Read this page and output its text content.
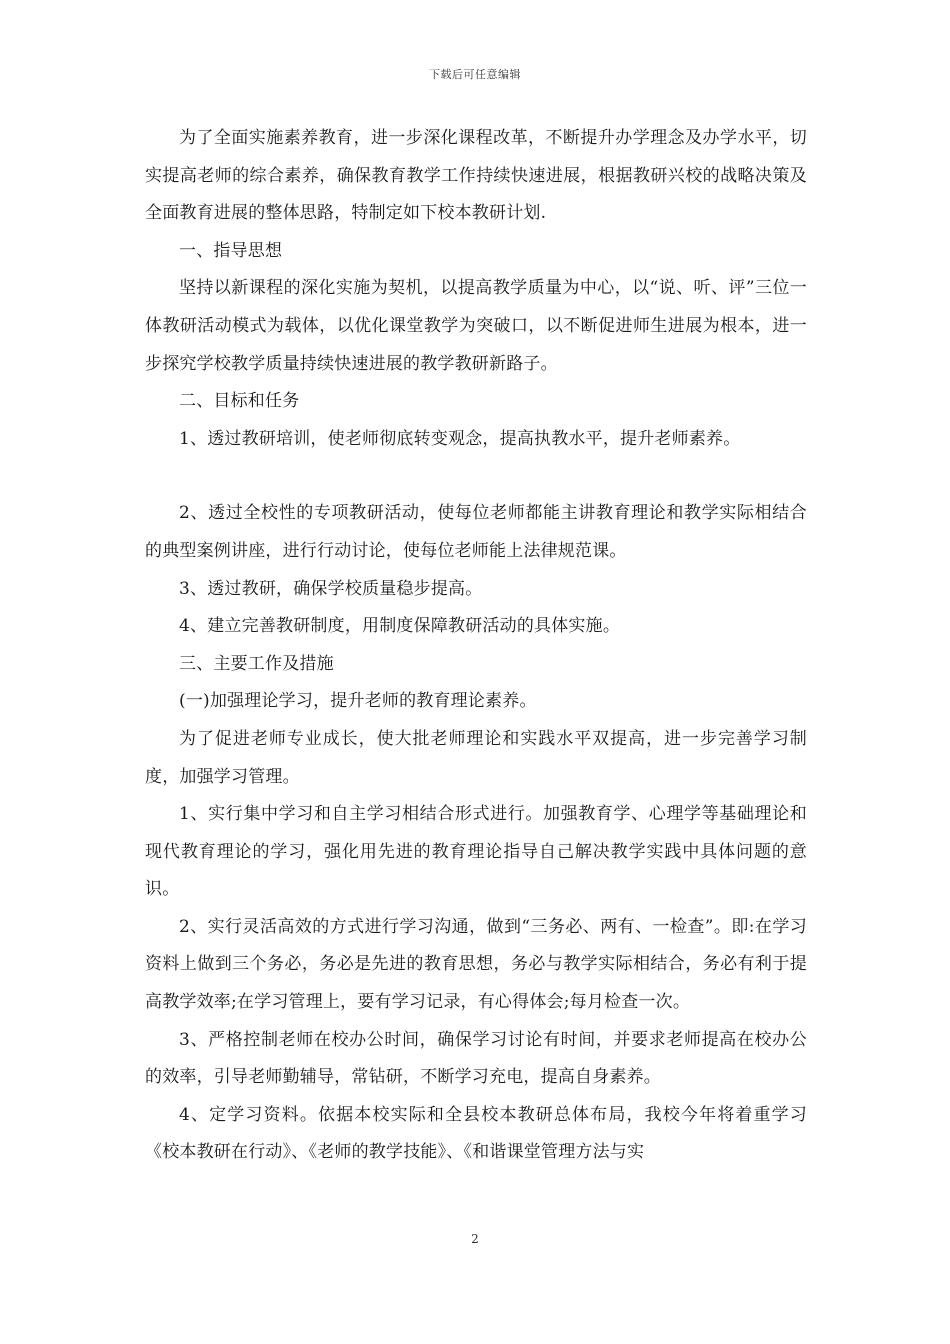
下载后可任意编辑

为了全面实施素养教育，进一步深化课程改革，不断提升办学理念及办学水平，切实提高老师的综合素养，确保教育教学工作持续快速进展，根据教研兴校的战略决策及全面教育进展的整体思路，特制定如下校本教研计划.

一、指导思想

坚持以新课程的深化实施为契机，以提高教学质量为中心，以“说、听、评”三位一体教研活动模式为载体，以优化课堂教学为突破口，以不断促进师生进展为根本，进一步探究学校教学质量持续快速进展的教学教研新路子。

二、目标和任务

1、透过教研培训，使老师彻底转变观念，提高执教水平，提升老师素养。

2、透过全校性的专项教研活动，使每位老师都能主讲教育理论和教学实际相结合的典型案例讲座，进行行动讨论，使每位老师能上法律规范课。

3、透过教研，确保学校质量稳步提高。

4、建立完善教研制度，用制度保障教研活动的具体实施。

三、主要工作及措施

(一)加强理论学习，提升老师的教育理论素养。

为了促进老师专业成长，使大批老师理论和实践水平双提高，进一步完善学习制度，加强学习管理。

1、实行集中学习和自主学习相结合形式进行。加强教育学、心理学等基础理论和现代教育理论的学习，强化用先进的教育理论指导自己解决教学实践中具体问题的意识。

2、实行灵活高效的方式进行学习沟通，做到“三务必、两有、一检查”。即:在学习资料上做到三个务必，务必是先进的教育思想，务必与教学实际相结合，务必有利于提高教学效率;在学习管理上，要有学习记录，有心得体会;每月检查一次。

3、严格控制老师在校办公时间，确保学习讨论有时间，并要求老师提高在校办公的效率，引导老师勤辅导，常钻研，不断学习充电，提高自身素养。

4、定学习资料。依据本校实际和全县校本教研总体布局，我校今年将着重学习《校本教研在行动》、《老师的教学技能》、《和谐课堂管理方法与实

2
